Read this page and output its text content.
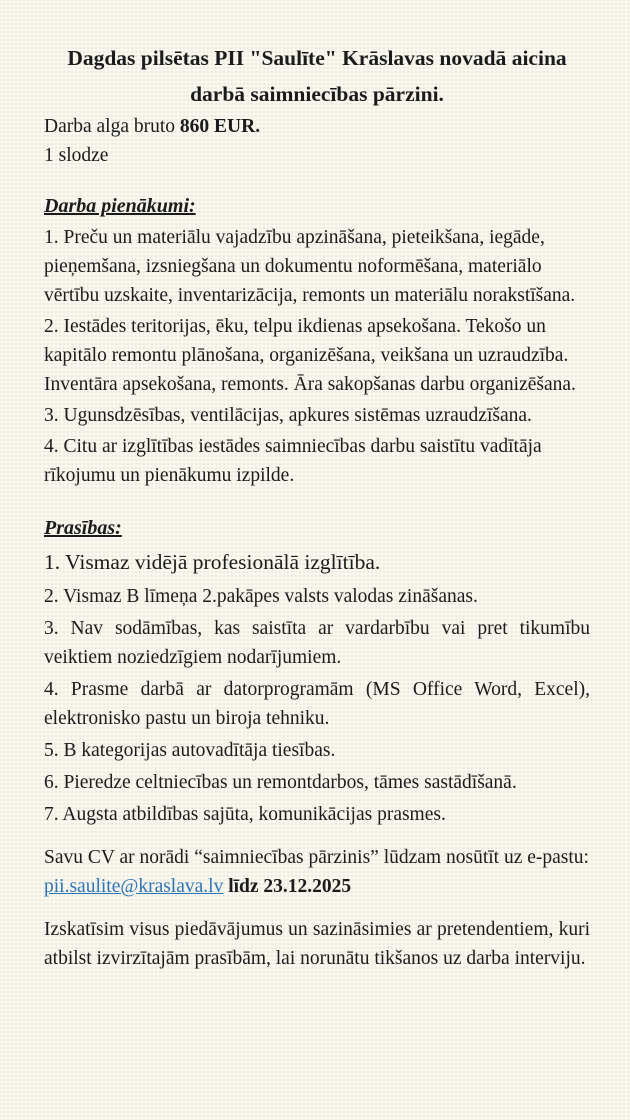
Dagdas pilsētas PII "Saulīte" Krāslavas novadā aicina
darbā saimniecības pārzini.

Darba alga bruto 860 EUR.

1 slodze

Darba pienākumi:

1. Preču un materiālu vajadzību apzināšana, pieteikšana, iegāde, pieņemšana, izsniegšana un dokumentu noformēšana, materiālo vērtību uzskaite, inventarizācija, remonts un materiālu norakstīšana.

2. Iestādes teritorijas, ēku, telpu ikdienas apsekošana. Tekošo un kapitālo remontu plānošana, organizēšana, veikšana un uzraudzība. Inventāra apsekošana, remonts. Āra sakopšanas darbu organizēšana.

3. Ugunsdzēsības, ventilācijas, apkures sistēmas uzraudzīšana.

4. Citu ar izglītības iestādes saimniecības darbu saistītu vadītāja rīkojumu un pienākumu izpilde.

Prasības:

1. Vismaz vidējā profesionālā izglītība.

2. Vismaz B līmeņa 2.pakāpes valsts valodas zināšanas.

3. Nav sodāmības, kas saistīta ar vardarbību vai pret tikumību veiktiem noziedzīgiem nodarījumiem.

4. Prasme darbā ar datorprogramām (MS Office Word, Excel), elektronisko pastu un biroja tehniku.

5. B kategorijas autovadītāja tiesības.

6. Pieredze celtniecības un remontdarbos, tāmes sastādīšanā.

7. Augsta atbildības sajūta, komunikācijas prasmes.

Savu CV ar norādi “saimniecības pārzinis” lūdzam nosūtīt uz e-pastu: pii.saulite@kraslava.lv līdz 23.12.2025

Izskatīsim visus piedāvājumus un sazināsimies ar pretendentiem, kuri atbilst izvirzītajām prasībām, lai norunātu tikšanos uz darba interviju.
